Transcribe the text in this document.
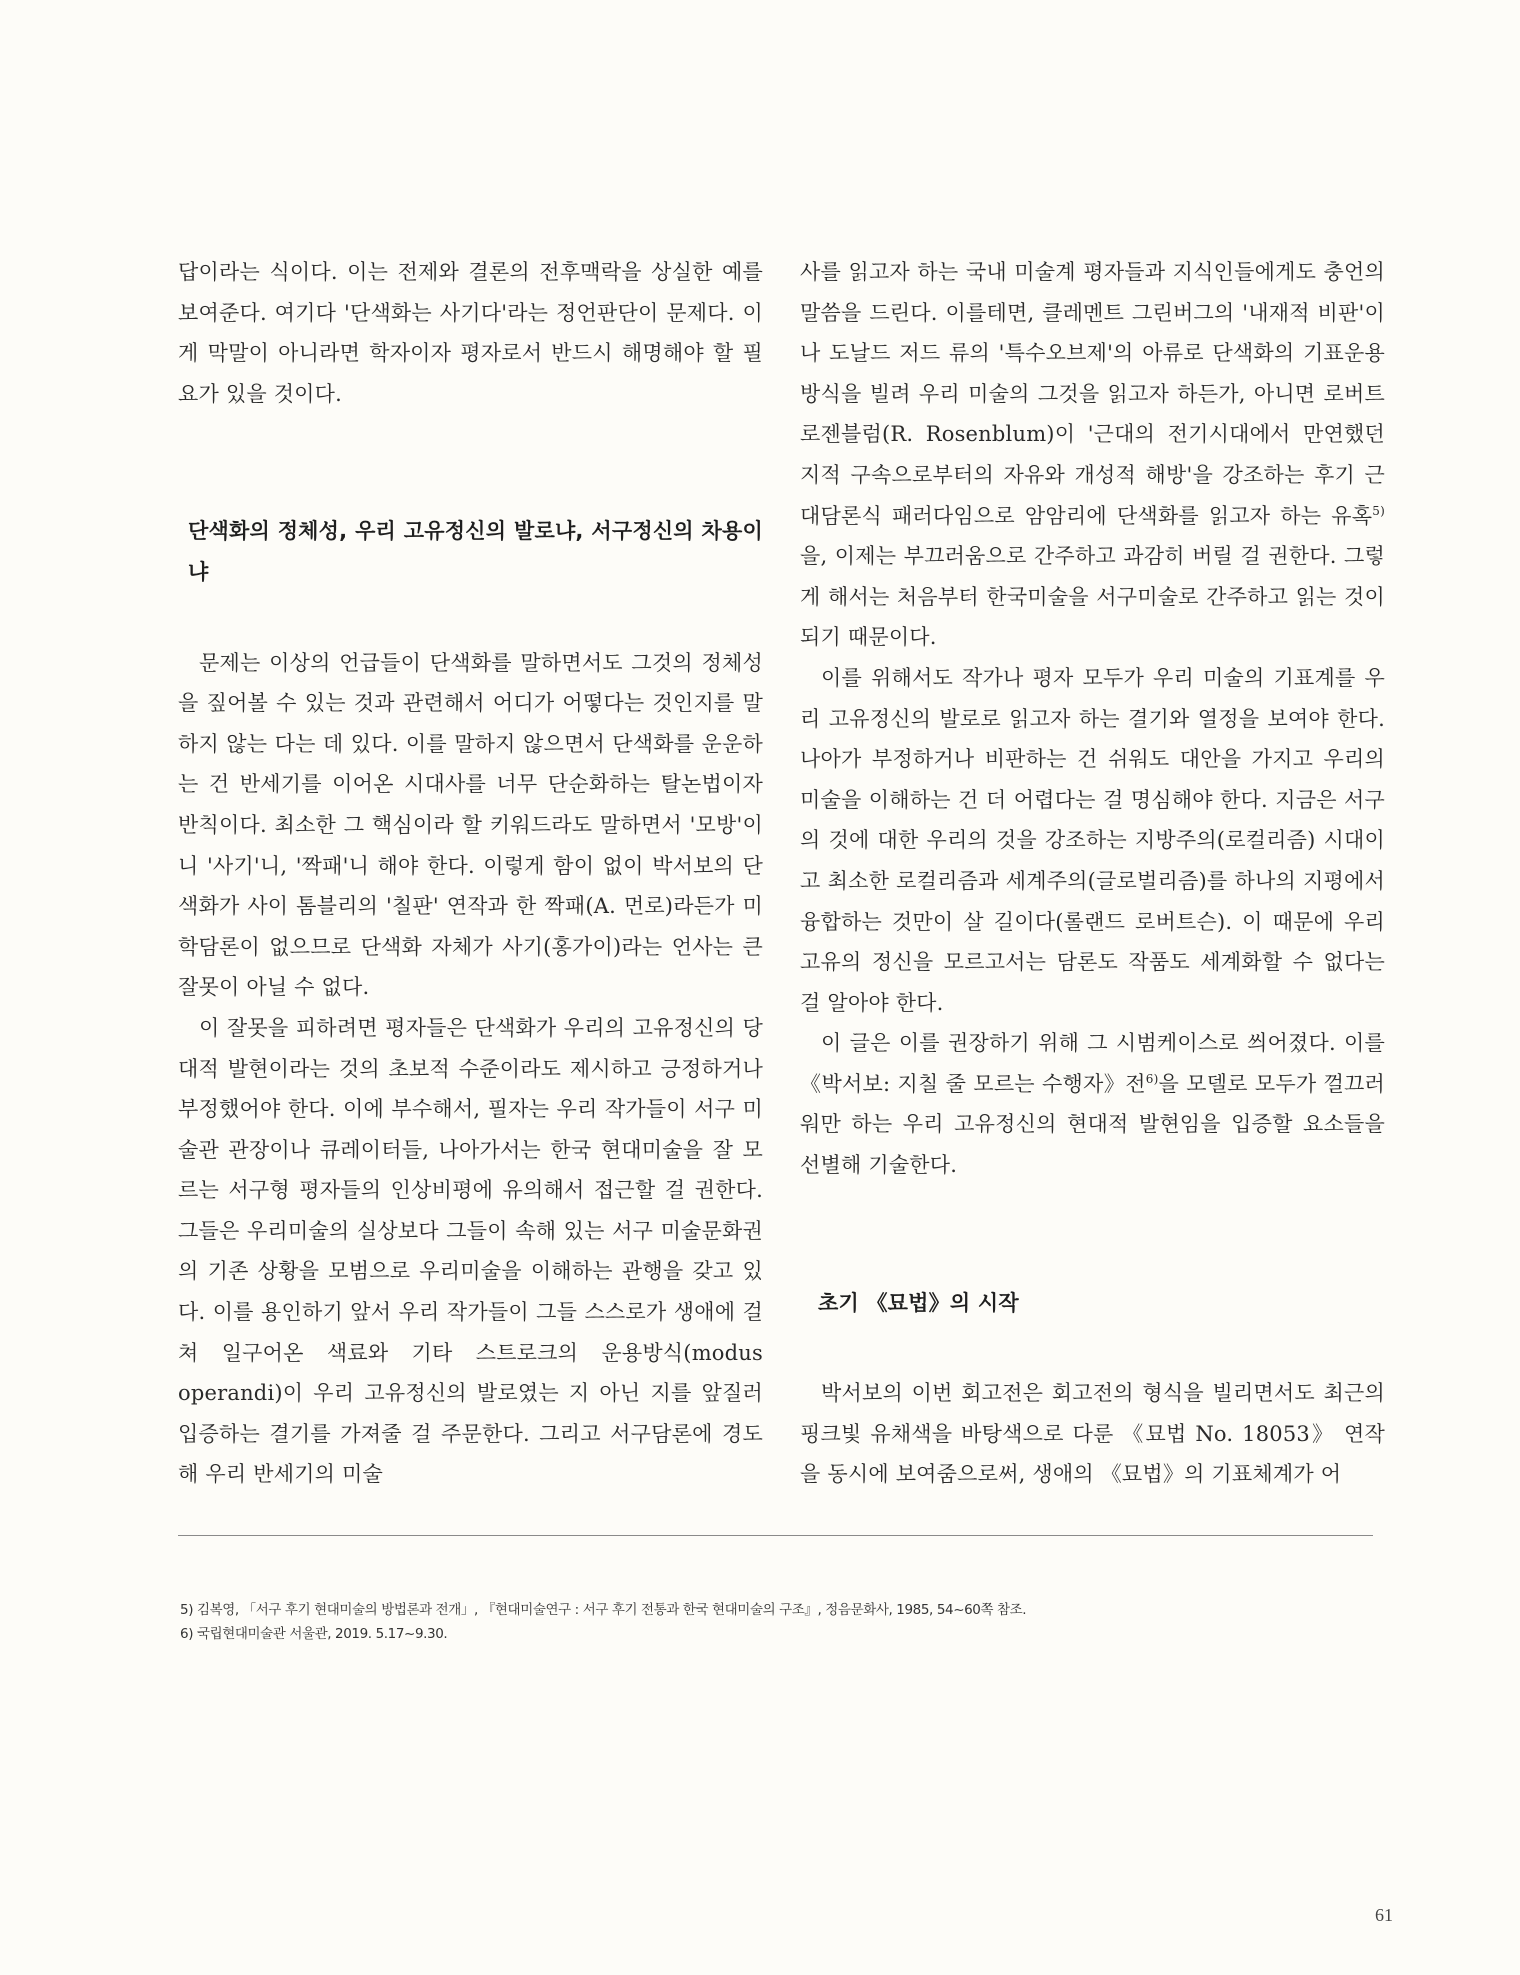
답이라는 식이다. 이는 전제와 결론의 전후맥락을 상실한 예를 보여준다. 여기다 '단색화는 사기다'라는 정언판단이 문제다. 이게 막말이 아니라면 학자이자 평자로서 반드시 해명해야 할 필요가 있을 것이다.

단색화의 정체성, 우리 고유정신의 발로냐, 서구정신의 차용이냐

문제는 이상의 언급들이 단색화를 말하면서도 그것의 정체성을 짚어볼 수 있는 것과 관련해서 어디가 어떻다는 것인지를 말하지 않는 다는 데 있다. 이를 말하지 않으면서 단색화를 운운하는 건 반세기를 이어온 시대사를 너무 단순화하는 탈논법이자 반칙이다. 최소한 그 핵심이라 할 키워드라도 말하면서 '모방'이니 '사기'니, '짝패'니 해야 한다. 이렇게 함이 없이 박서보의 단색화가 사이 톰블리의 '칠판' 연작과 한 짝패(A. 먼로)라든가 미학담론이 없으므로 단색화 자체가 사기(홍가이)라는 언사는 큰 잘못이 아닐 수 없다.

이 잘못을 피하려면 평자들은 단색화가 우리의 고유정신의 당대적 발현이라는 것의 초보적 수준이라도 제시하고 긍정하거나 부정했어야 한다. 이에 부수해서, 필자는 우리 작가들이 서구 미술관 관장이나 큐레이터들, 나아가서는 한국 현대미술을 잘 모르는 서구형 평자들의 인상비평에 유의해서 접근할 걸 권한다. 그들은 우리미술의 실상보다 그들이 속해 있는 서구 미술문화권의 기존 상황을 모범으로 우리미술을 이해하는 관행을 갖고 있다. 이를 용인하기 앞서 우리 작가들이 그들 스스로가 생애에 걸쳐 일구어온 색료와 기타 스트로크의 운용방식(modus operandi)이 우리 고유정신의 발로였는 지 아닌 지를 앞질러 입증하는 결기를 가져줄 걸 주문한다. 그리고 서구담론에 경도해 우리 반세기의 미술

사를 읽고자 하는 국내 미술계 평자들과 지식인들에게도 충언의 말씀을 드린다. 이를테면, 클레멘트 그린버그의 '내재적 비판'이나 도날드 저드 류의 '특수오브제'의 아류로 단색화의 기표운용 방식을 빌려 우리 미술의 그것을 읽고자 하든가, 아니면 로버트 로젠블럼(R. Rosenblum)이 '근대의 전기시대에서 만연했던 지적 구속으로부터의 자유와 개성적 해방'을 강조하는 후기 근대담론식 패러다임으로 암암리에 단색화를 읽고자 하는 유혹$^{5)}$을, 이제는 부끄러움으로 간주하고 과감히 버릴 걸 권한다. 그렇게 해서는 처음부터 한국미술을 서구미술로 간주하고 읽는 것이 되기 때문이다.

이를 위해서도 작가나 평자 모두가 우리 미술의 기표계를 우리 고유정신의 발로로 읽고자 하는 결기와 열정을 보여야 한다. 나아가 부정하거나 비판하는 건 쉬워도 대안을 가지고 우리의 미술을 이해하는 건 더 어렵다는 걸 명심해야 한다. 지금은 서구의 것에 대한 우리의 것을 강조하는 지방주의(로컬리즘) 시대이고 최소한 로컬리즘과 세계주의(글로벌리즘)를 하나의 지평에서 융합하는 것만이 살 길이다(롤랜드 로버트슨). 이 때문에 우리 고유의 정신을 모르고서는 담론도 작품도 세계화할 수 없다는 걸 알아야 한다.

이 글은 이를 권장하기 위해 그 시범케이스로 씌어졌다. 이를 《박서보: 지칠 줄 모르는 수행자》전$^{6)}$을 모델로 모두가 껄끄러워만 하는 우리 고유정신의 현대적 발현임을 입증할 요소들을 선별해 기술한다.

초기 《묘법》의 시작

박서보의 이번 회고전은 회고전의 형식을 빌리면서도 최근의 핑크빛 유채색을 바탕색으로 다룬 《묘법 No. 18053》 연작을 동시에 보여줌으로써, 생애의 《묘법》의 기표체계가 어

5) 김복영, 「서구 후기 현대미술의 방법론과 전개」, 『현대미술연구 : 서구 후기 전통과 한국 현대미술의 구조』, 정음문화사, 1985, 54~60쪽 참조.

6) 국립현대미술관 서울관, 2019. 5.17~9.30.

61
